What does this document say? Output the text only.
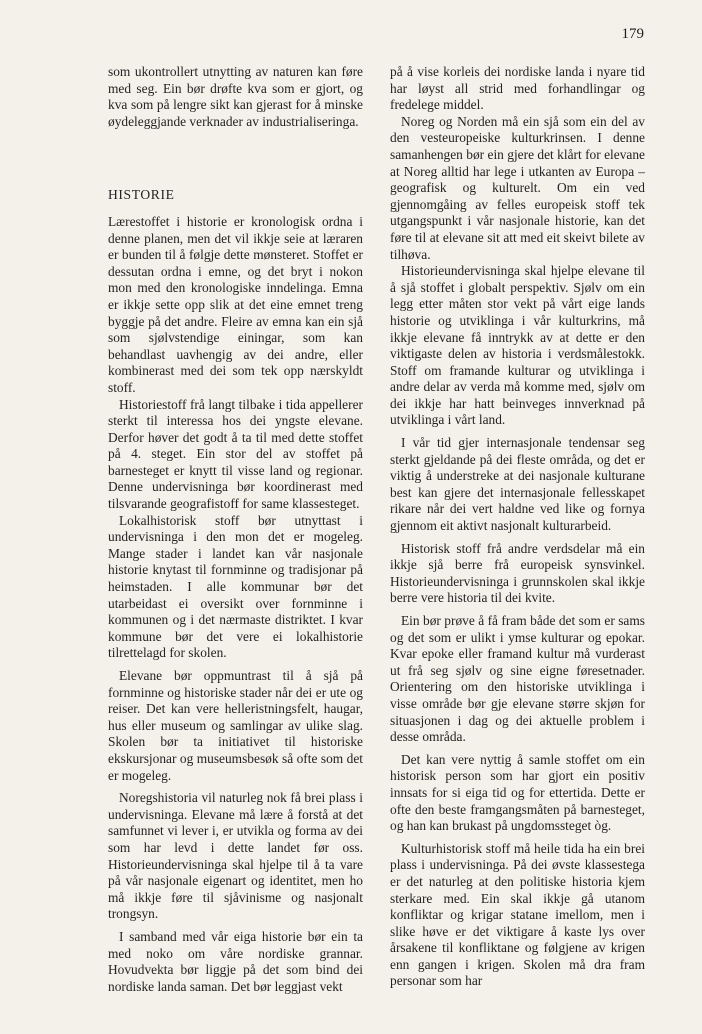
179

som ukontrollert utnytting av naturen kan føre med seg. Ein bør drøfte kva som er gjort, og kva som på lengre sikt kan gjerast for å minske øydeleggjande verknader av industrialiseringa.

HISTORIE

Lærestoffet i historie er kronologisk ordna i denne planen, men det vil ikkje seie at læraren er bunden til å følgje dette mønsteret. Stoffet er dessutan ordna i emne, og det bryt i nokon mon med den kronologiske inndelinga. Emna er ikkje sette opp slik at det eine emnet treng byggje på det andre. Fleire av emna kan ein sjå som sjølvstendige einingar, som kan behandlast uavhengig av dei andre, eller kombinerast med dei som tek opp nærskyldt stoff.

Historiestoff frå langt tilbake i tida appellerer sterkt til interessa hos dei yngste elevane. Derfor høver det godt å ta til med dette stoffet på 4. steget. Ein stor del av stoffet på barnesteget er knytt til visse land og regionar. Denne undervisninga bør koordinerast med tilsvarande geografistoff for same klassesteget.

Lokalhistorisk stoff bør utnyttast i undervisninga i den mon det er mogeleg. Mange stader i landet kan vår nasjonale historie knytast til fornminne og tradisjonar på heimstaden. I alle kommunar bør det utarbeidast ei oversikt over fornminne i kommunen og i det nærmaste distriktet. I kvar kommune bør det vere ei lokalhistorie tilrettelagd for skolen.

Elevane bør oppmuntrast til å sjå på fornminne og historiske stader når dei er ute og reiser. Det kan vere helleristningsfelt, haugar, hus eller museum og samlingar av ulike slag. Skolen bør ta initiativet til historiske ekskursjonar og museumsbesøk så ofte som det er mogeleg.

Noregshistoria vil naturleg nok få brei plass i undervisninga. Elevane må lære å forstå at det samfunnet vi lever i, er utvikla og forma av dei som har levd i dette landet før oss. Historieundervisninga skal hjelpe til å ta vare på vår nasjonale eigenart og identitet, men ho må ikkje føre til sjåvinisme og nasjonalt trongsyn.

I samband med vår eiga historie bør ein ta med noko om våre nordiske grannar. Hovudvekta bør liggje på det som bind dei nordiske landa saman. Det bør leggjast vekt

på å vise korleis dei nordiske landa i nyare tid har løyst all strid med forhandlingar og fredelege middel.

Noreg og Norden må ein sjå som ein del av den vesteuropeiske kulturkrinsen. I denne samanhengen bør ein gjere det klårt for elevane at Noreg alltid har lege i utkanten av Europa – geografisk og kulturelt. Om ein ved gjennomgåing av felles europeisk stoff tek utgangspunkt i vår nasjonale historie, kan det føre til at elevane sit att med eit skeivt bilete av tilhøva.

Historieundervisninga skal hjelpe elevane til å sjå stoffet i globalt perspektiv. Sjølv om ein legg etter måten stor vekt på vårt eige lands historie og utviklinga i vår kulturkrins, må ikkje elevane få inntrykk av at dette er den viktigaste delen av historia i verdsmålestokk. Stoff om framande kulturar og utviklinga i andre delar av verda må komme med, sjølv om dei ikkje har hatt beinveges innverknad på utviklinga i vårt land.

I vår tid gjer internasjonale tendensar seg sterkt gjeldande på dei fleste områda, og det er viktig å understreke at dei nasjonale kulturane best kan gjere det internasjonale fellesskapet rikare når dei vert haldne ved like og fornya gjennom eit aktivt nasjonalt kulturarbeid.

Historisk stoff frå andre verdsdelar må ein ikkje sjå berre frå europeisk synsvinkel. Historieundervisninga i grunnskolen skal ikkje berre vere historia til dei kvite.

Ein bør prøve å få fram både det som er sams og det som er ulikt i ymse kulturar og epokar. Kvar epoke eller framand kultur må vurderast ut frå seg sjølv og sine eigne føresetnader. Orientering om den historiske utviklinga i visse område bør gje elevane større skjøn for situasjonen i dag og dei aktuelle problem i desse områda.

Det kan vere nyttig å samle stoffet om ein historisk person som har gjort ein positiv innsats for si eiga tid og for ettertida. Dette er ofte den beste framgangsmåten på barnesteget, og han kan brukast på ungdomssteget òg.

Kulturhistorisk stoff må heile tida ha ein brei plass i undervisninga. På dei øvste klassestega er det naturleg at den politiske historia kjem sterkare med. Ein skal ikkje gå utanom konfliktar og krigar statane imellom, men i slike høve er det viktigare å kaste lys over årsakene til konfliktane og følgjene av krigen enn gangen i krigen. Skolen må dra fram personar som har
